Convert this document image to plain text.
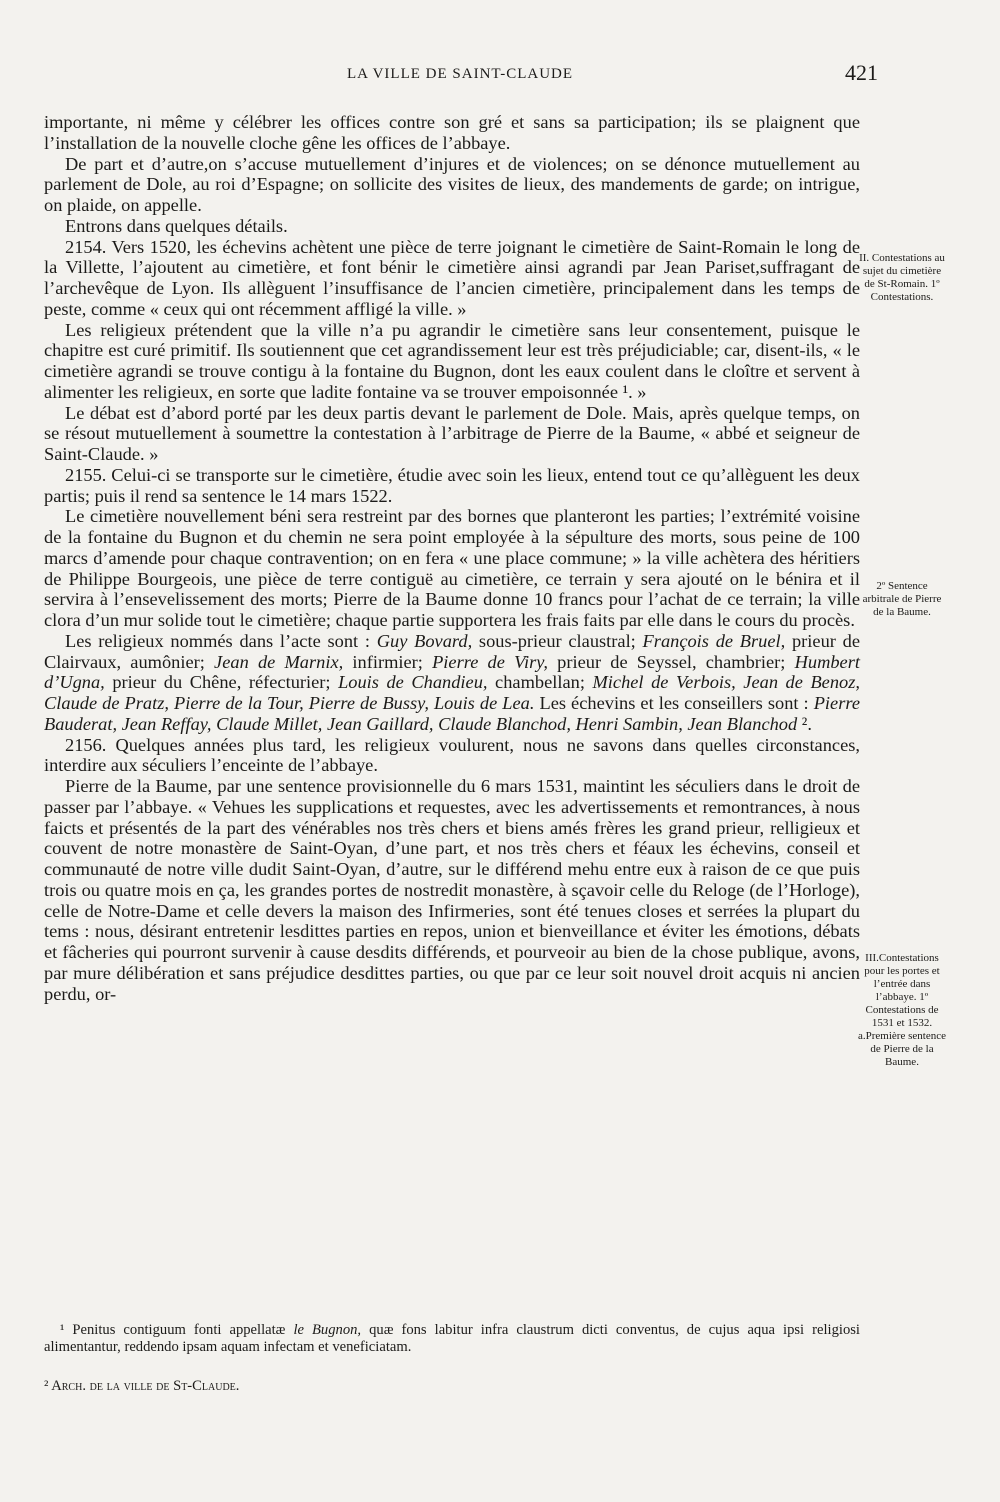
LA VILLE DE SAINT-CLAUDE	421

importante, ni même y célébrer les offices contre son gré et sans sa participation; ils se plaignent que l’installation de la nouvelle cloche gêne les offices de l’abbaye.

De part et d’autre,on s’accuse mutuellement d’injures et de violences; on se dénonce mutuellement au parlement de Dole, au roi d’Espagne; on sollicite des visites de lieux, des mandements de garde; on intrigue, on plaide, on appelle.

Entrons dans quelques détails.

2154. Vers 1520, les échevins achètent une pièce de terre joignant le cimetière de Saint-Romain le long de la Villette, l’ajoutent au cimetière, et font bénir le cimetière ainsi agrandi par Jean Pariset,suffragant de l’archevêque de Lyon. Ils allèguent l’insuffisance de l’ancien cimetière, principalement dans les temps de peste, comme « ceux qui ont récemment affligé la ville. »

Les religieux prétendent que la ville n’a pu agrandir le cimetière sans leur consentement, puisque le chapitre est curé primitif. Ils soutiennent que cet agrandissement leur est très préjudiciable; car, disent-ils, « le cimetière agrandi se trouve contigu à la fontaine du Bugnon, dont les eaux coulent dans le cloître et servent à alimenter les religieux, en sorte que ladite fontaine va se trouver empoisonnée ¹. »

Le débat est d’abord porté par les deux partis devant le parlement de Dole. Mais, après quelque temps, on se résout mutuellement à soumettre la contestation à l’arbitrage de Pierre de la Baume, « abbé et seigneur de Saint-Claude. »

2155. Celui-ci se transporte sur le cimetière, étudie avec soin les lieux, entend tout ce qu’allèguent les deux partis; puis il rend sa sentence le 14 mars 1522.

Le cimetière nouvellement béni sera restreint par des bornes que planteront les parties; l’extrémité voisine de la fontaine du Bugnon et du chemin ne sera point employée à la sépulture des morts, sous peine de 100 marcs d’amende pour chaque contravention; on en fera « une place commune; » la ville achètera des héritiers de Philippe Bourgeois, une pièce de terre contiguë au cimetière, ce terrain y sera ajouté on le bénira et il servira à l’ensevelissement des morts; Pierre de la Baume donne 10 francs pour l’achat de ce terrain; la ville clora d’un mur solide tout le cimetière; chaque partie supportera les frais faits par elle dans le cours du procès.

Les religieux nommés dans l’acte sont : Guy Bovard, sous-prieur claustral; François de Bruel, prieur de Clairvaux, aumônier; Jean de Marnix, infirmier; Pierre de Viry, prieur de Seyssel, chambrier; Humbert d’Ugna, prieur du Chêne, réfecturier; Louis de Chandieu, chambellan; Michel de Verbois, Jean de Benoz, Claude de Pratz, Pierre de la Tour, Pierre de Bussy, Louis de Lea. Les échevins et les conseillers sont : Pierre Bauderat, Jean Reffay, Claude Millet, Jean Gaillard, Claude Blanchod, Henri Sambin, Jean Blanchod ².

2156. Quelques années plus tard, les religieux voulurent, nous ne savons dans quelles circonstances, interdire aux séculiers l’enceinte de l’abbaye.

Pierre de la Baume, par une sentence provisionnelle du 6 mars 1531, maintint les séculiers dans le droit de passer par l’abbaye. « Vehues les supplications et requestes, avec les advertissements et remontrances, à nous faicts et présentés de la part des vénérables nos très chers et biens amés frères les grand prieur, relligieux et couvent de notre monastère de Saint-Oyan, d’une part, et nos très chers et féaux les échevins, conseil et communauté de notre ville dudit Saint-Oyan, d’autre, sur le différend mehu entre eux à raison de ce que puis trois ou quatre mois en ça, les grandes portes de nostredit monastère, à sçavoir celle du Reloge (de l’Horloge), celle de Notre-Dame et celle devers la maison des Infirmeries, sont été tenues closes et serrées la plupart du tems : nous, désirant entretenir lesdittes parties en repos, union et bienveillance et éviter les émotions, débats et fâcheries qui pourront survenir à cause desdits différends, et pourveoir au bien de la chose publique, avons, par mure délibération et sans préjudice desdittes parties, ou que par ce leur soit nouvel droit acquis ni ancien perdu, or-

II. Contestations au sujet du cimetière de St-Romain. 1º Contestations.
2º Sentence arbitrale de Pierre de la Baume.
III.Contestations pour les portes et l’entrée dans l’abbaye. 1º Contestations de 1531 et 1532. a.Première sentence de Pierre de la Baume.

¹ Penitus contiguum fonti appellatæ le Bugnon, quæ fons labitur infra claustrum dicti conventus, de cujus aqua ipsi religiosi alimentantur, reddendo ipsam aquam infectam et veneficiatam.

² Arch. de la ville de St-Claude.
